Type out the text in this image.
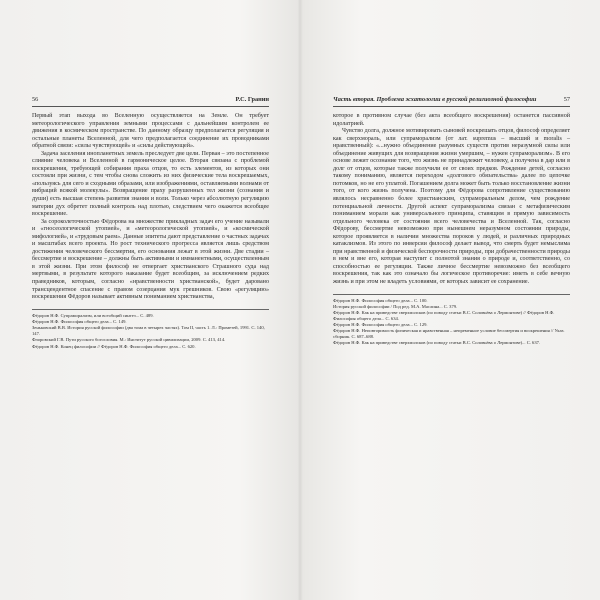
56	Р.С. Гранин

Первый этап выхода во Вселенную осуществляется на Земле. Он требует метеорологического управления земными процессами с дальнейшим контролем ее движения в космическом пространстве. По данному образцу предполагается регуляция и остальные планеты Вселенной, для чего предполагается соединение их проводниками обратной связи: «силы чувствующей» и «силы действующей».

Задача заселения инопланетных земель преследует две цели. Первая – это постепенное слияние человека и Вселенной в гармоническое целое. Вторая связана с проблемой воскрешения, требующей собирания праха отцов, то есть элементов, из которых они состояли при жизни, с тем чтобы снова сложить из них физические тела воскрешаемых, «пользуясь для сего и сходными образами, или изображениями, оставляемыми волнами от вибраций всякой молекулы». Возвращение праху разрушенных тел жизни (сознания и души) есть высшая степень развития знания и воли. Только через абсолютную регуляцию материи дух обретет полный контроль над плотью, следствием чего окажется всеобщее воскрешение.

За сороколеточностью Фёдорова на множестве прикладных задач его учение называли и «гносеологической утопией», и «метеорологической утопией», и «космической мифологией», и «трудовым раем». Данные эпитеты дают представление о частных задачах и масштабах всего проекта. Но рост технического прогресса является лишь средством достижения человеческого бессмертия, его основания лежат в этой жизни. Две стадии – бессмертие и воскрешение – должны быть активными и имманентными, осуществленным в этой жизни. При этом философ не отвергает христианского Страшного суда над мертвыми, в результате которого наказание будет всеобщим, за исключением редких праведников, которым, согласно «нравственности христианской», будет даровано трансцендентное спасение с правом созерцания мук грешников. Свою «регуляцию» воскрешения Фёдоров называет активным пониманием христианства,

Фёдоров Н.Ф. Супраморализм, или всеобщий синтез... С. 489.
Фёдоров Н.Ф. Философия общего дела... С. 149.
Зеньковский В.В. История русской философии (два тома в четырех частях). Том II, часть 1. Л.: Прометей, 1991. С. 140, 147.
Флоровский Г.В. Пути русского богословия. М.: Институт русской цивилизации, 2009. С. 413, 414.
Фёдоров Н.Ф. Конец философии // Фёдоров Н.Ф. Философия общего дела... С. 620.
Часть вторая. Проблема эсхатологии в русской религиозной философии	57

которое в противном случае (без акта всеобщего воскрешения) останется пассивной идолатрией.

Чувство долга, должное мотивировать сыновей воскрешать отцов, философ определяет как сверхмораль, или супраморализм (от лат. supremus – высший и moralis – нравственный): «...нужно объединение разумных существ против неразумной силы или объединение живущих для возвращения жизни умершим, – нужен супраморализм». В его основе лежит осознание того, что жизнь не принадлежит человеку, а получена в дар или в долг от отцов, которые также получили ее от своих предков. Рождение детей, согласно такому пониманию, является переходом «долгового обязательства» далее по цепочке потомков, но не его уплатой. Погашением долга может быть только восстановление жизни того, от кого жизнь получена. Поэтому для Фёдорова сопротивление существованию являлось несравненно более христианским, супраморальным делом, чем рождение потенциальной личности. Другой аспект супраморализма связан с метафизическим пониманием морали как универсального принципа, ставящим в прямую зависимость отдельного человека от состояния всего человечества и Вселенной. Так, согласно Фёдорову, бессмертие невозможно при нынешнем неразумном состоянии природы, которое проявляется в наличии множества пороков у людей, и различных природных катаклизмов. Из этого по инверсии философ делает вывод, что смерть будет немыслима при нравственной и физической беспорочности природы, при добрачественности природы в нем и вне его, которая наступит с полнотой знания о природе и, соответственно, со способностью ее регуляции. Также личное бессмертие невозможно без всеобщего воскрешения, так как это означало бы логическое противоречие: иметь в себе вечную жизнь и при этом не владеть условиями, от которых зависит ее сохранение.

Фёдоров Н.Ф. Философия общего дела... С. 100.
История русской философии / Под ред. М.А. Маслина... С. 379.
Фёдоров Н.Ф. Как на приведстве сверхмолсков (по поводу статьи В.С. Соловьёва о Лермонтове) // Фёдоров Н.Ф. Философия общего дела... С. 634.
Фёдоров Н.Ф. Философия общего дела... С. 129.
Фёдоров Н.Ф. Неповторимость физическая и нравственная – непременное условие бессмертия и воскрешения // Указ. сборник. С. 687–688.
Фёдоров Н.Ф. Как на приведстве сверхмолсков (по поводу статьи В.С. Соловьёва о Лермонтове)... С. 637.
